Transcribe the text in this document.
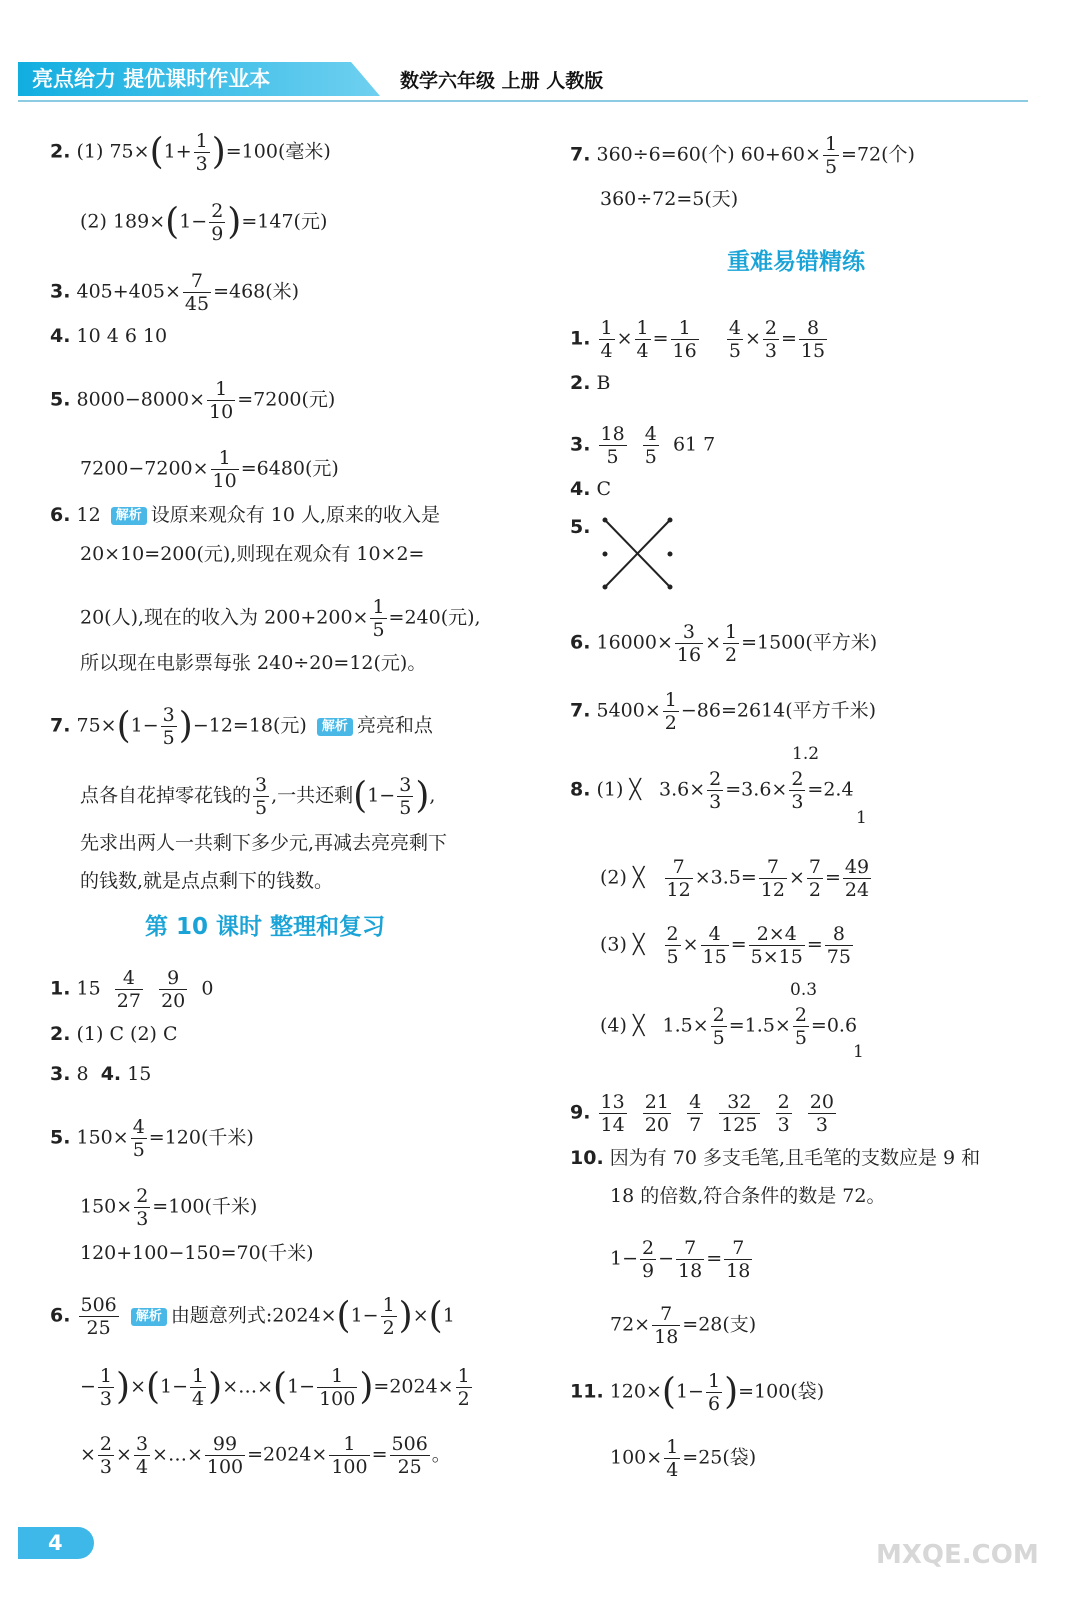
亮点给力 提优课时作业本	数学六年级 上册 人教版
2. (1) $75\times(1+ \frac{1}{3} )=100$(毫米)
(2) $189\times(1- \frac{2}{9} )=147$(元)
3. $405+405\times \frac{7}{45} =468$(米)
4. 10 4 6 10
5. $8000-8000\times \frac{1}{10} =7200$(元)
$7200-7200\times \frac{1}{10} =6480$(元)
6. 12 解析 设原来观众有 10 人,原来的收入是
20×10=200(元),则现在观众有 10×2=
20(人),现在的收入为 $200+200\times \frac{1}{5} =240$(元),
所以现在电影票每张 240÷20=12(元)。
7. $75\times(1- \frac{3}{5} )-12=18$(元) 解析 亮亮和点
点各自花掉零花钱的 $\frac{3}{5}$ ,一共还剩($1- \frac{3}{5}$ ),
先求出两人一共剩下多少元,再减去亮亮剩下
的钱数,就是点点剩下的钱数。
第 10 课时 整理和复习
1. $15 \frac{4}{27}$
$\frac{9}{20} 0$
2. (1) C (2) C
3. 8 4. 15
5. $150\times \frac{4}{5} =120$(千米)
$150\times \frac{2}{3} =100$(千米)
120+100−150=70(千米)
6. $\frac{506}{25}$ 解析 由题意列式:2024×(1− $\frac{1}{2} )\times(1$
− $\frac{1}{3} )\times(1- \frac{1}{4}$ )×…×(1− $\frac{1}{100} )=2024\times \frac{1}{2}$
× $\frac{2}{3} \times \frac{3}{4}$ ×…× $\frac{99}{100} =2024\times \frac{1}{100} = \frac{506}{25}$ 。
7. 360÷6=60(个) $60+60\times \frac{1}{5} =72$(个)
360÷72=5(天)
重难易错精练
1. $\frac{1}{4} \times \frac{1}{4} = \frac{1}{16}$
$\frac{4}{5} \times \frac{2}{3} = \frac{8}{15}$
2. B
3. $\frac{18}{5}$
$\frac{4}{5} 61$ 7
4. C
5.
6. $16000\times \frac{3}{16} \times \frac{1}{2} =1500$(平方米)
7. $5400\times \frac{1}{2} -86=2614$(平方千米)
8. (1) ╳ $3.6\times \frac{2}{3} =3.6\times \frac{2}{3} =2.4$
1.2
1
(2) ╳ $\frac{7}{12} \times 3.5= \frac{7}{12} \times \frac{7}{2} = \frac{49}{24}$
(3) ╳ $\frac{2}{5} \times \frac{4}{15} = \frac{2\times 4}{5\times 15} = \frac{8}{75}$
(4) ╳ $1.5\times \frac{2}{5} =1.5\times \frac{2}{5} =0.6$
0.3
1
9. $\frac{13}{14}$
$\frac{21}{20}$
$\frac{4}{7}$
$\frac{32}{125}$
$\frac{2}{3}$
$\frac{20}{3}$
10. 因为有 70 多支毛笔,且毛笔的支数应是 9 和
18 的倍数,符合条件的数是 72。
$1- \frac{2}{9} - \frac{7}{18} = \frac{7}{18}$
$72\times \frac{7}{18} =28$(支)
11. $120\times(1- \frac{1}{6} )=100$(袋)
$100\times \frac{1}{4} =25$(袋)
4	MXQE.COM
